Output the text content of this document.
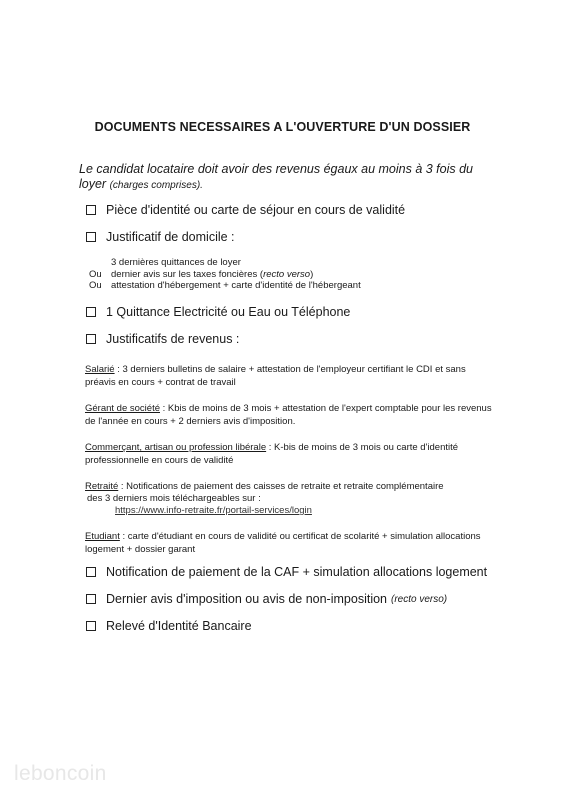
DOCUMENTS NECESSAIRES A L'OUVERTURE D'UN DOSSIER
Le candidat locataire doit avoir des revenus égaux au moins à 3 fois du
loyer (charges comprises).
Pièce d'identité ou carte de séjour en cours de validité
Justificatif de domicile :
3 dernières quittances de loyer
Ou dernier avis sur les taxes foncières (recto verso)
Ou attestation d'hébergement + carte d'identité de l'hébergeant
1 Quittance Electricité ou Eau ou Téléphone
Justificatifs de revenus :
Salarié : 3 derniers bulletins de salaire + attestation de l'employeur certifiant le CDI et sans préavis en cours + contrat de travail
Gérant de société : Kbis de moins de 3 mois + attestation de l'expert comptable pour les revenus de l'année en cours + 2 derniers avis d'imposition.
Commerçant, artisan ou profession libérale : K-bis de moins de 3 mois ou carte d'identité professionnelle en cours de validité
Retraité : Notifications de paiement des caisses de retraite et retraite complémentaire
des 3 derniers mois téléchargeables sur :
https://www.info-retraite.fr/portail-services/login
Etudiant : carte d'étudiant en cours de validité ou certificat de scolarité + simulation allocations logement + dossier garant
Notification de paiement de la CAF + simulation allocations logement
Dernier avis d'imposition ou avis de non-imposition (recto verso)
Relevé d'Identité Bancaire
leboncoin
